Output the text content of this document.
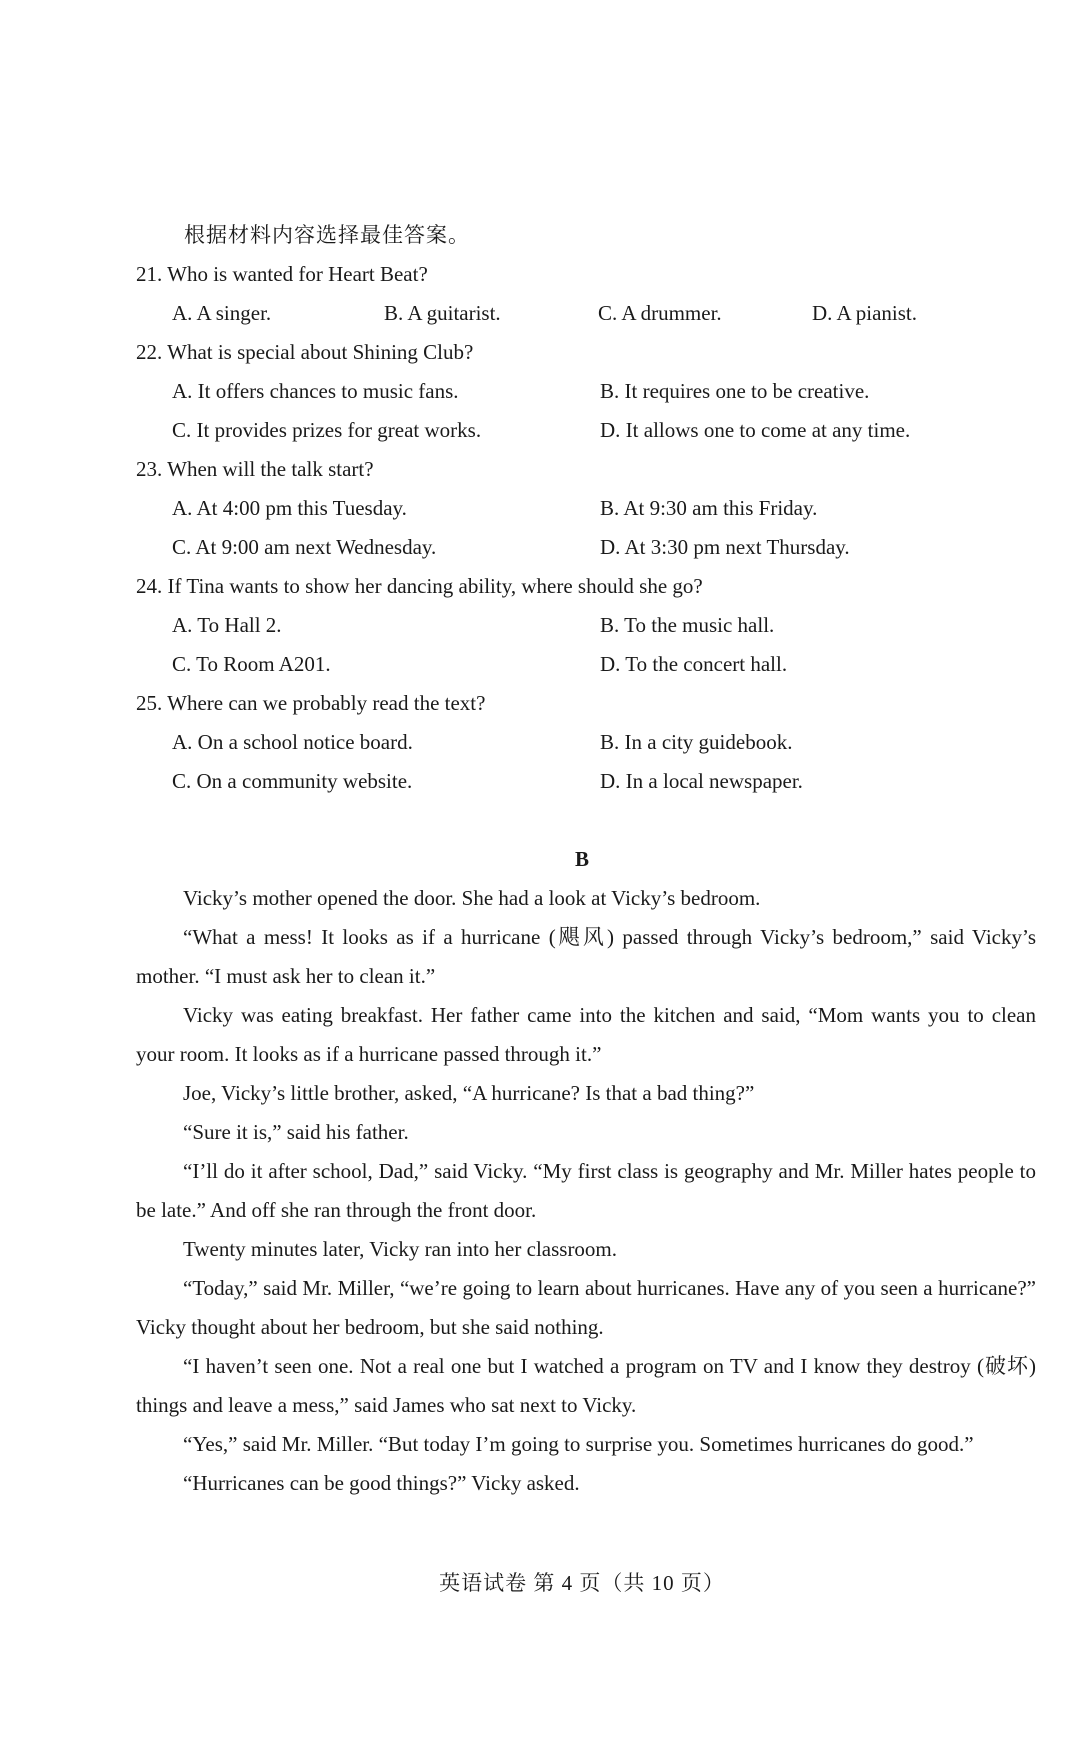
根据材料内容选择最佳答案。
21. Who is wanted for Heart Beat?
A. A singer.	B. A guitarist.	C. A drummer.	D. A pianist.
22. What is special about Shining Club?
A. It offers chances to music fans.	B. It requires one to be creative.
C. It provides prizes for great works.	D. It allows one to come at any time.
23. When will the talk start?
A. At 4:00 pm this Tuesday.	B. At 9:30 am this Friday.
C. At 9:00 am next Wednesday.	D. At 3:30 pm next Thursday.
24. If Tina wants to show her dancing ability, where should she go?
A. To Hall 2.	B. To the music hall.
C. To Room A201.	D. To the concert hall.
25. Where can we probably read the text?
A. On a school notice board.	B. In a city guidebook.
C. On a community website.	D. In a local newspaper.
B

Vicky’s mother opened the door. She had a look at Vicky’s bedroom.

“What a mess! It looks as if a hurricane (飓风) passed through Vicky’s bedroom,” said Vicky’s mother. “I must ask her to clean it.”

Vicky was eating breakfast. Her father came into the kitchen and said, “Mom wants you to clean your room. It looks as if a hurricane passed through it.”

Joe, Vicky’s little brother, asked, “A hurricane? Is that a bad thing?”

“Sure it is,” said his father.

“I’ll do it after school, Dad,” said Vicky. “My first class is geography and Mr. Miller hates people to be late.” And off she ran through the front door.

Twenty minutes later, Vicky ran into her classroom.

“Today,” said Mr. Miller, “we’re going to learn about hurricanes. Have any of you seen a hurricane?” Vicky thought about her bedroom, but she said nothing.

“I haven’t seen one. Not a real one but I watched a program on TV and I know they destroy (破坏) things and leave a mess,” said James who sat next to Vicky.

“Yes,” said Mr. Miller. “But today I’m going to surprise you. Sometimes hurricanes do good.”

“Hurricanes can be good things?” Vicky asked.

英语试卷 第 4 页（共 10 页）
